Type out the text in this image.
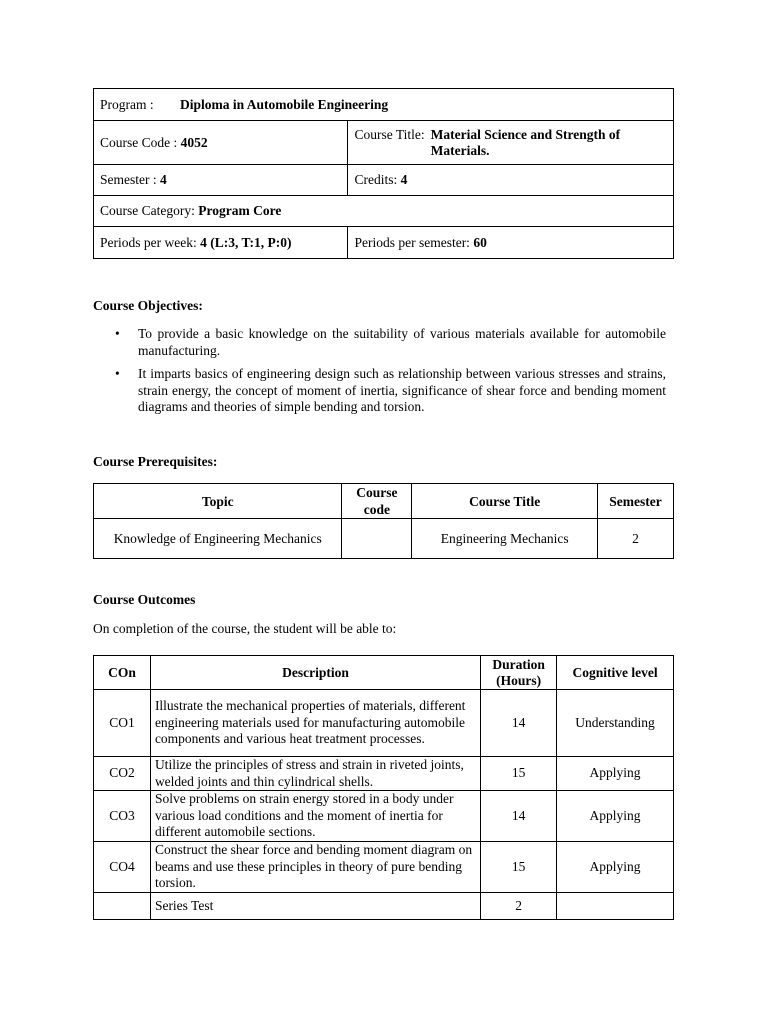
Program : Diploma in Automobile Engineering	
Course Code : 4052	Course Title: Material Science and Strength of Materials.

Semester : 4	Credits: 4
Course Category: Program Core	
Periods per week: 4 (L:3, T:1, P:0)	Periods per semester: 60
Course Objectives:
• To provide a basic knowledge on the suitability of various materials available for automobile manufacturing.
• It imparts basics of engineering design such as relationship between various stresses and strains, strain energy, the concept of moment of inertia, significance of shear force and bending moment diagrams and theories of simple bending and torsion.
Course Prerequisites:
Topic	Course code	Course Title	Semester
Knowledge of Engineering Mechanics		Engineering Mechanics	2
Course Outcomes
On completion of the course, the student will be able to:
COn	Description	Duration (Hours)	Cognitive level
CO1	Illustrate the mechanical properties of materials, different engineering materials used for manufacturing automobile components and various heat treatment processes.	14	Understanding
CO2	Utilize the principles of stress and strain in riveted joints, welded joints and thin cylindrical shells.	15	Applying
CO3	Solve problems on strain energy stored in a body under various load conditions and the moment of inertia for different automobile sections.	14	Applying
CO4	Construct the shear force and bending moment diagram on beams and use these principles in theory of pure bending torsion.	15	Applying
	Series Test	2	
